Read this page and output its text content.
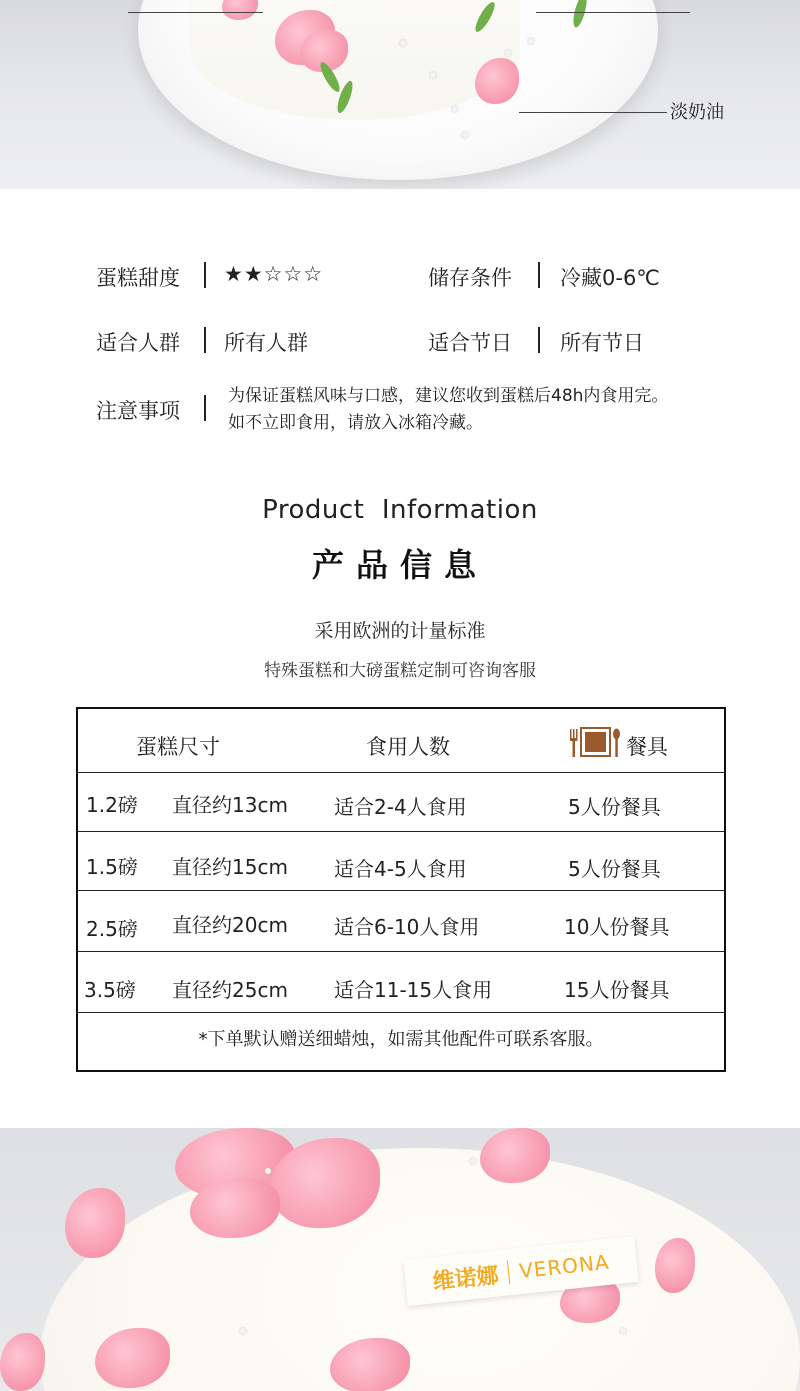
淡奶油
蛋糕甜度 ★★☆☆☆	储存条件 冷藏0-6℃
适合人群 所有人群	适合节日 所有节日
注意事项
为保证蛋糕风味与口感，建议您收到蛋糕后48h内食用完。
如不立即食用，请放入冰箱冷藏。
Product  Information
产品信息
采用欧洲的计量标准
特殊蛋糕和大磅蛋糕定制可咨询客服
蛋糕尺寸	食用人数	餐具
1.2磅 直径约13cm 适合2-4人食用	5人份餐具
1.5磅 直径约15cm 适合4-5人食用	5人份餐具
2.5磅 直径约20cm 适合6-10人食用	10人份餐具
3.5磅 直径约25cm 适合11-15人食用	15人份餐具
*下单默认赠送细蜡烛，如需其他配件可联系客服。
维诺娜 VERONA
